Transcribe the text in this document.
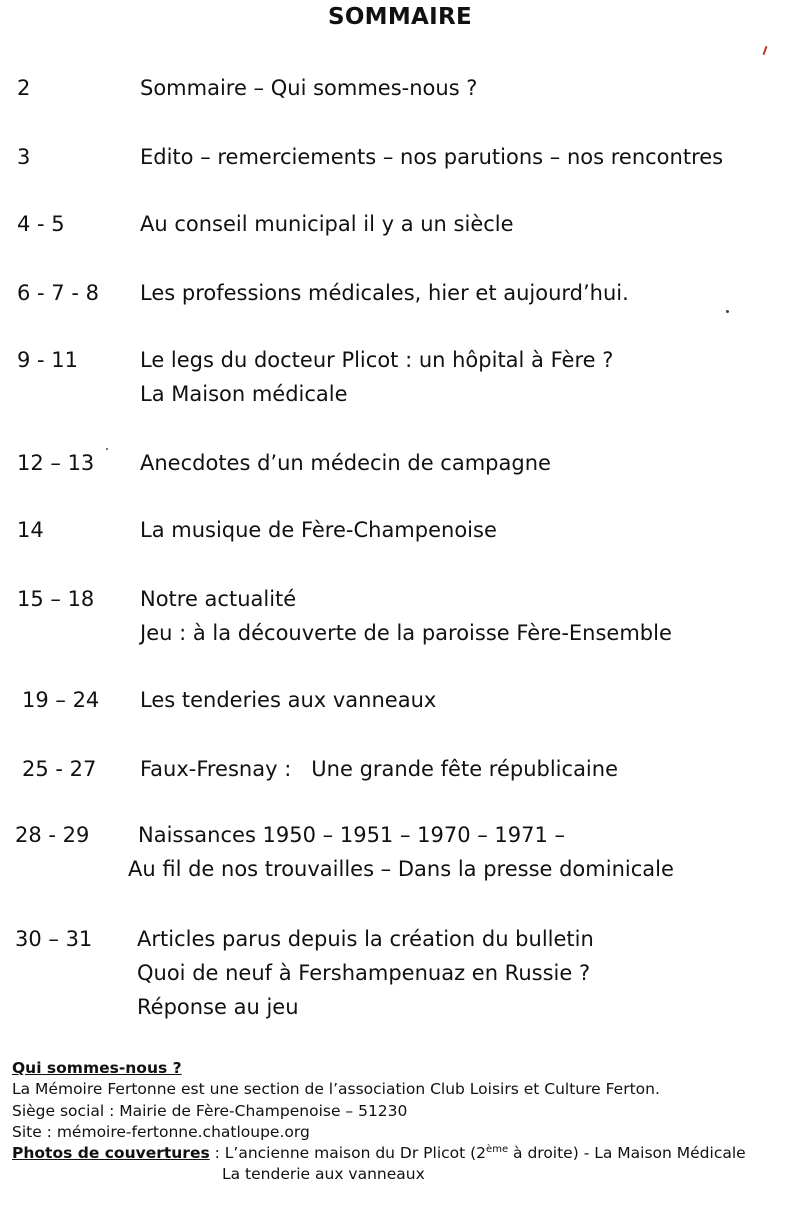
SOMMAIRE
2	Sommaire – Qui sommes-nous ?
3	Edito – remerciements – nos parutions – nos rencontres
4 - 5	Au conseil municipal il y a un siècle
6 - 7 - 8 Les professions médicales, hier et aujourd’hui.
9 - 11	Le legs du docteur Plicot : un hôpital à Fère ?
La Maison médicale
12 – 13 Anecdotes d’un médecin de campagne
14	La musique de Fère-Champenoise
15 – 18 Notre actualité
Jeu : à la découverte de la paroisse Fère-Ensemble
19 – 24 Les tenderies aux vanneaux
25 - 27 Faux-Fresnay :   Une grande fête républicaine
28 - 29	Naissances 1950 – 1951 – 1970 – 1971 –
Au fil de nos trouvailles – Dans la presse dominicale
30 – 31 Articles parus depuis la création du bulletin
Quoi de neuf à Fershampenuaz en Russie ?
Réponse au jeu
Qui sommes-nous ?
La Mémoire Fertonne est une section de l’association Club Loisirs et Culture Ferton.
Siège social : Mairie de Fère-Champenoise – 51230
Site : mémoire-fertonne.chatloupe.org
Photos de couvertures : L’ancienne maison du Dr Plicot (2ème à droite) - La Maison Médicale
La tenderie aux vanneaux
